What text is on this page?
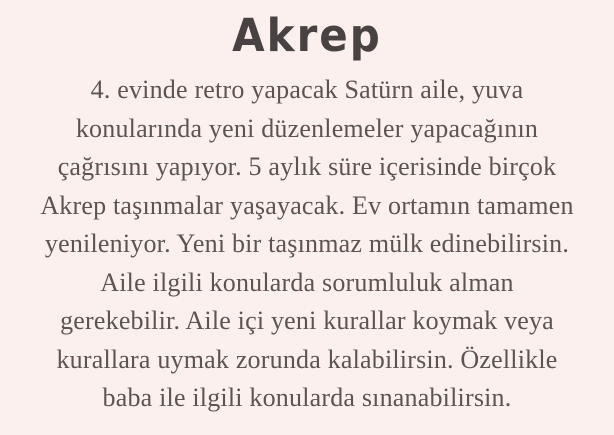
Akrep
4. evinde retro yapacak Satürn aile, yuva
konularında yeni düzenlemeler yapacağının
çağrısını yapıyor. 5 aylık süre içerisinde birçok
Akrep taşınmalar yaşayacak. Ev ortamın tamamen
yenileniyor. Yeni bir taşınmaz mülk edinebilirsin.
Aile ilgili konularda sorumluluk alman
gerekebilir. Aile içi yeni kurallar koymak veya
kurallara uymak zorunda kalabilirsin. Özellikle
baba ile ilgili konularda sınanabilirsin.
